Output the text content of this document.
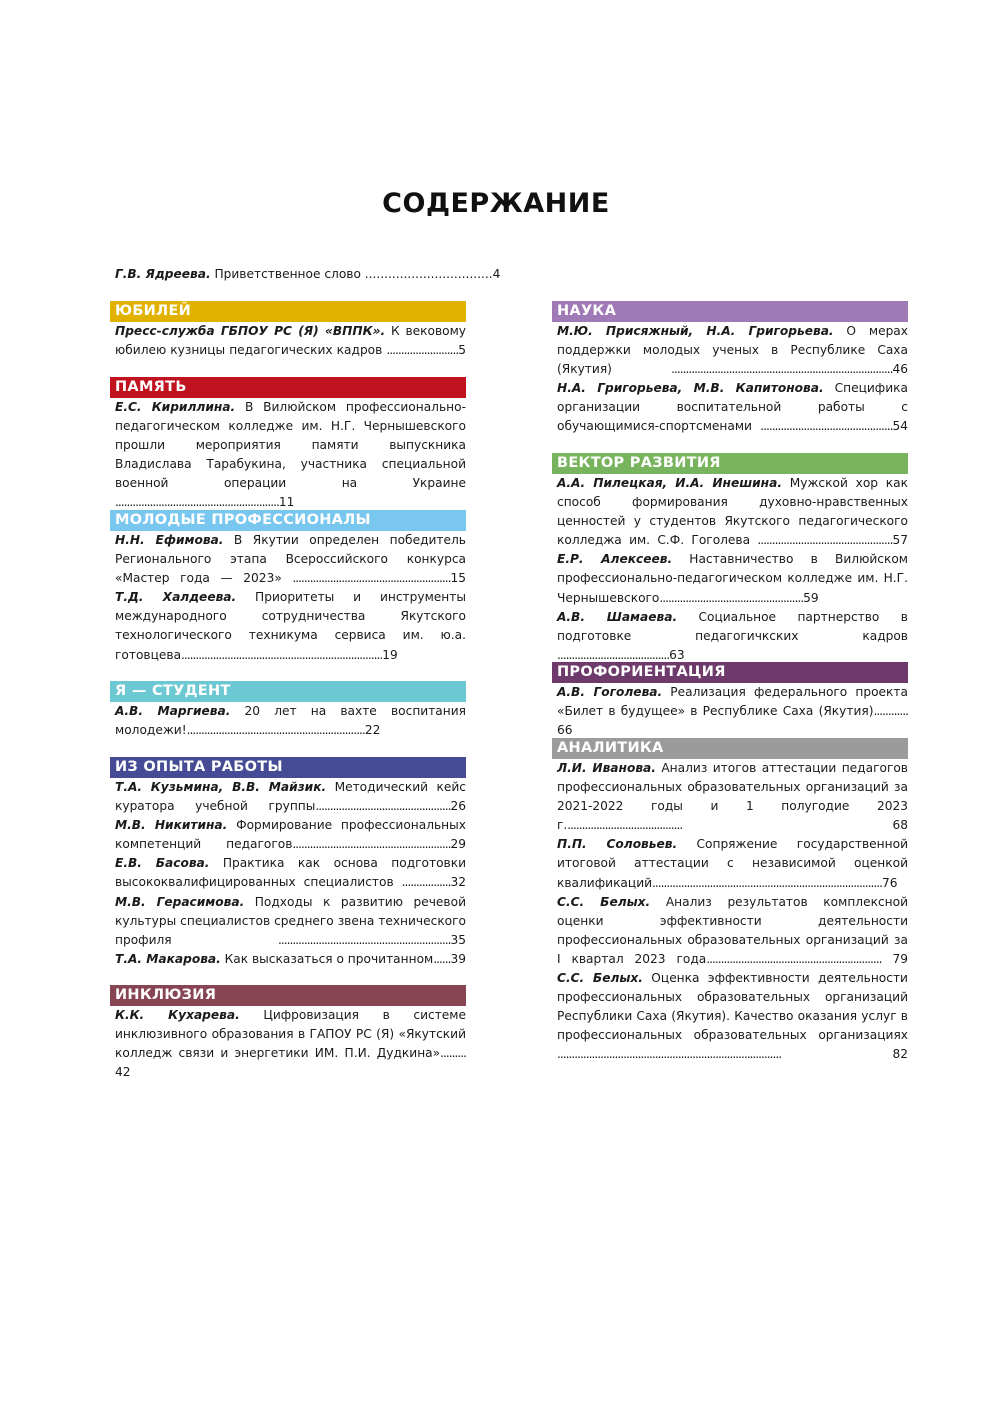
СОДЕРЖАНИЕ
Г.В. Ядреева. Приветственное слово .................................4
ЮБИЛЕЙ
Пресс-служба ГБПОУ РС (Я) «ВППК». К вековому юбилею кузницы педагогических кадров .........................5
ПАМЯТЬ
Е.С. Кириллина. В Вилюйском профессионально-педагогическом колледже им. Н.Г. Чернышевского прошли мероприятия памяти выпускника Владислава Тарабукина, участника специальной военной операции на Украине .........................................................11
МОЛОДЫЕ ПРОФЕССИОНАЛЫ
Н.Н. Ефимова. В Якутии определен победитель Регионального этапа Всероссийского конкурса «Мастер года — 2023» .......................................................15
Т.Д. Халдеева. Приоритеты и инструменты международного сотрудничества Якутского технологического техникума сервиса им. ю.а. готовцева......................................................................19
Я — СТУДЕНТ
А.В. Маргиева. 20 лет на вахте воспитания молодежи!..............................................................22
ИЗ ОПЫТА РАБОТЫ
Т.А. Кузьмина, В.В. Майзик. Методический кейс куратора учебной группы...............................................26
М.В. Никитина. Формирование профессиональных компетенций педагогов.......................................................29
Е.В. Басова. Практика как основа подготовки высококвалифицированных специалистов .................32
М.В. Герасимова. Подходы к развитию речевой культуры специалистов среднего звена технического профиля ............................................................35
Т.А. Макарова. Как высказаться о прочитанном......39
ИНКЛЮЗИЯ
К.К. Кухарева. Цифровизация в системе инклюзивного образования в ГАПОУ РС (Я) «Якутский колледж связи и энергетики ИМ. П.И. Дудкина»......... 42
НАУКА
М.Ю. Присяжный, Н.А. Григорьева. О мерах поддержки молодых ученых в Республике Саха (Якутия) .............................................................................46
Н.А. Григорьева, М.В. Капитонова. Специфика организации воспитательной работы с обучающимися-спортсменами ..............................................54
ВЕКТОР РАЗВИТИЯ
А.А. Пилецкая, И.А. Инешина. Мужской хор как способ формирования духовно-нравственных ценностей у студентов Якутского педагогического колледжа им. С.Ф. Гоголева ...............................................57
Е.Р. Алексеев. Наставничество в Вилюйском профессионально-педагогическом колледже им. Н.Г. Чернышевского..................................................59
А.В. Шамаева. Социальное партнерство в подготовке педагогичкских кадров .......................................63
ПРОФОРИЕНТАЦИЯ
А.В. Гоголева. Реализация федерального проекта «Билет в будущее» в Республике Саха (Якутия)............ 66
АНАЛИТИКА
Л.И. Иванова. Анализ итогов аттестации педагогов профессиональных образовательных организаций за 2021-2022 годы и 1 полугодие 2023 г......................................... 68
П.П. Соловьев. Сопряжение государственной итоговой аттестации с независимой оценкой квалификаций................................................................................76
С.С. Белых. Анализ результатов комплексной оценки эффективности деятельности профессиональных образовательных организаций за I квартал 2023 года............................................................. 79
С.С. Белых. Оценка эффективности деятельности профессиональных образовательных организаций Республики Саха (Якутия). Качество оказания услуг в профессиональных образовательных организациях .............................................................................. 82
